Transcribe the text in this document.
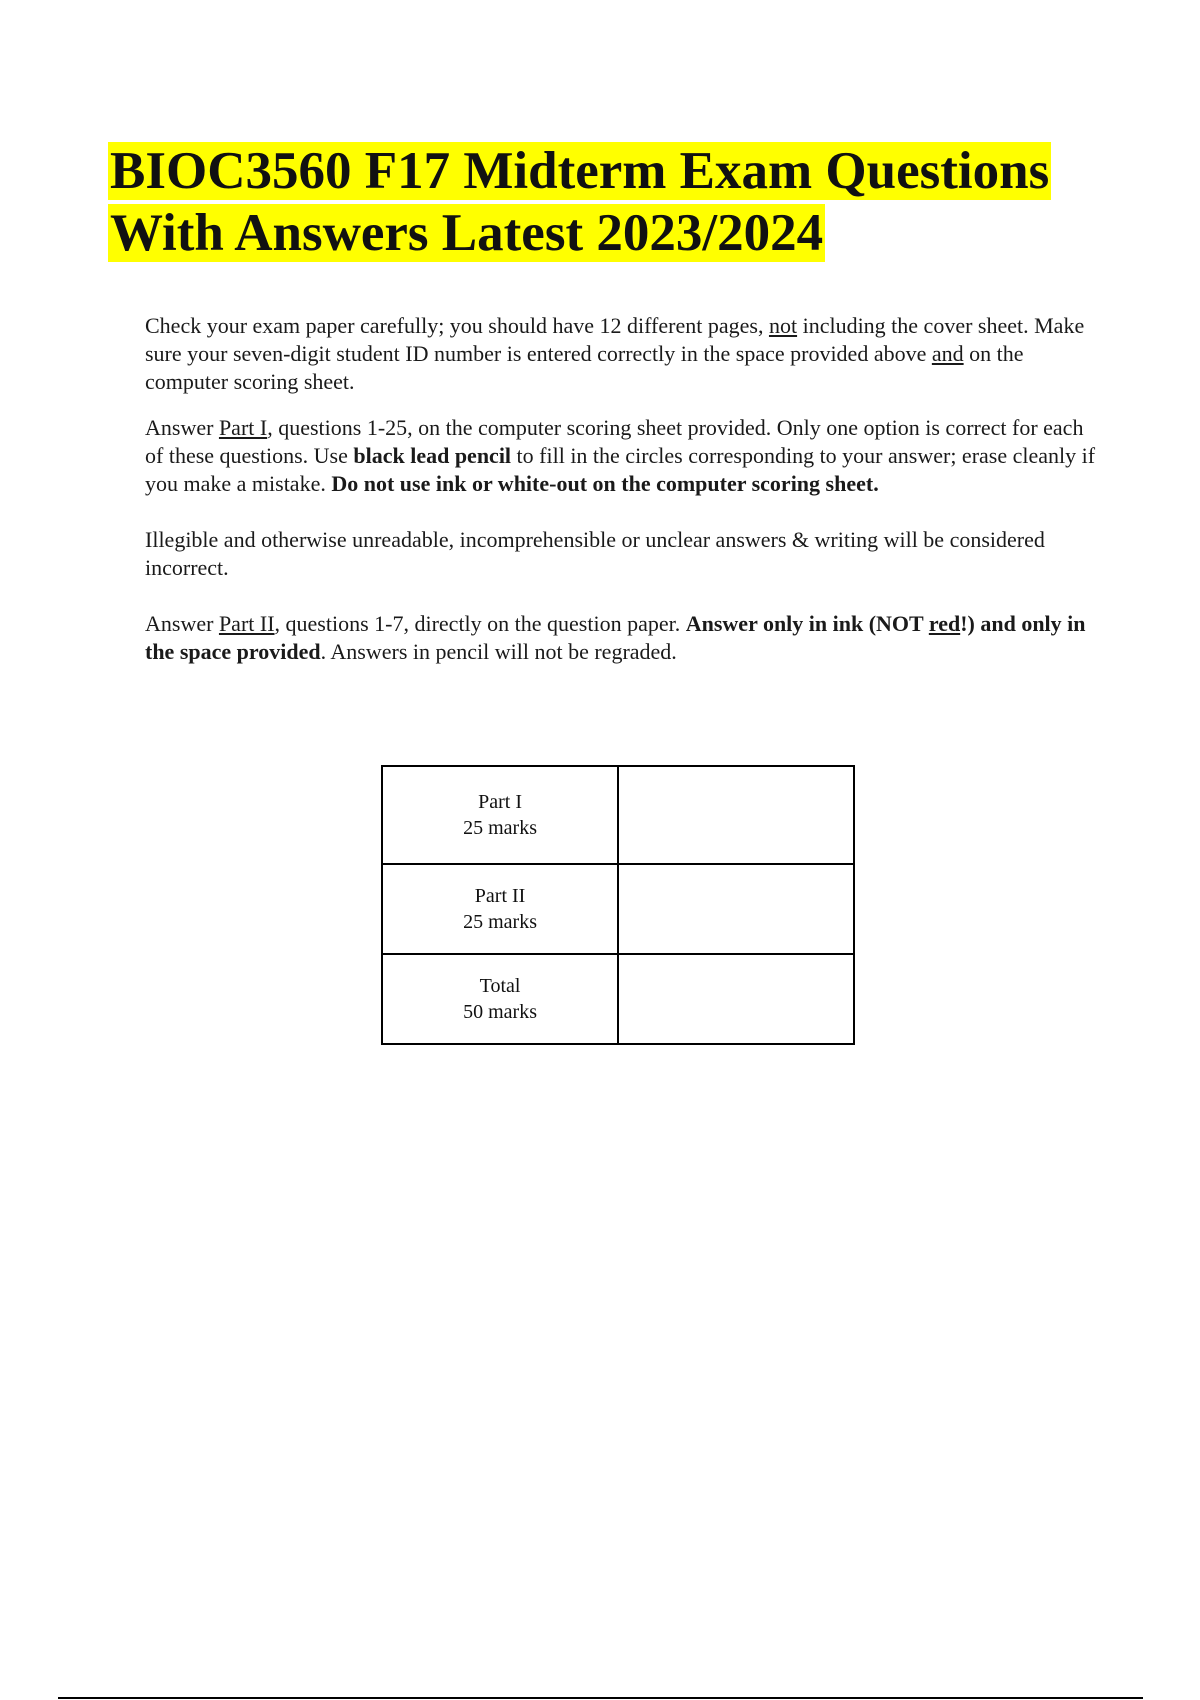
BIOC3560 F17 Midterm Exam Questions
With Answers Latest 2023/2024

Check your exam paper carefully; you should have 12 different pages, not including the cover sheet. Make sure your seven-digit student ID number is entered correctly in the space provided above and on the computer scoring sheet.

Answer Part I, questions 1-25, on the computer scoring sheet provided. Only one option is correct for each of these questions. Use black lead pencil to fill in the circles corresponding to your answer; erase cleanly if you make a mistake. Do not use ink or white-out on the computer scoring sheet.

Illegible and otherwise unreadable, incomprehensible or unclear answers & writing will be considered incorrect.

Answer Part II, questions 1-7, directly on the question paper. Answer only in ink (NOT red!) and only in the space provided. Answers in pencil will not be regraded.

Part I
25 marks	
Part II
25 marks	
Total
50 marks	
